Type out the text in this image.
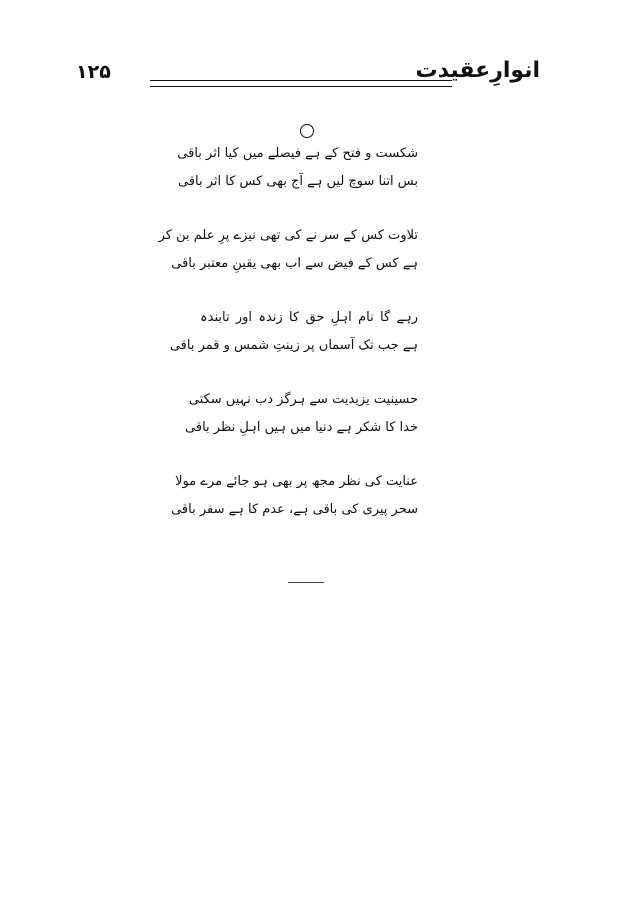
۱۲۵	انوارِعقیدت
شکست و فتح کے ہے فیصلے میں کیا اثر باقی
بس اتنا سوچ لیں ہے آج بھی کس کا اثر باقی
تلاوت کس کے سر نے کی تھی نیزے پرِ علم بن کر
ہے کس کے فیض سے اب بھی یقینِ معتبر باقی
رہے گا نام اہلِ حق کا زندہ اور تابندہ
ہے جب تک آسماں پر زینتِ شمس و قمر باقی
حسینیت یزیدیت سے ہرگز دب نہیں سکتی
خدا کا شکر ہے دنیا میں ہیں اہلِ نظر باقی
عنایت کی نظر مجھ پر بھی ہو جائے مرے مولا
سحر پیری کی باقی ہے، عدم کا ہے سفر باقی
